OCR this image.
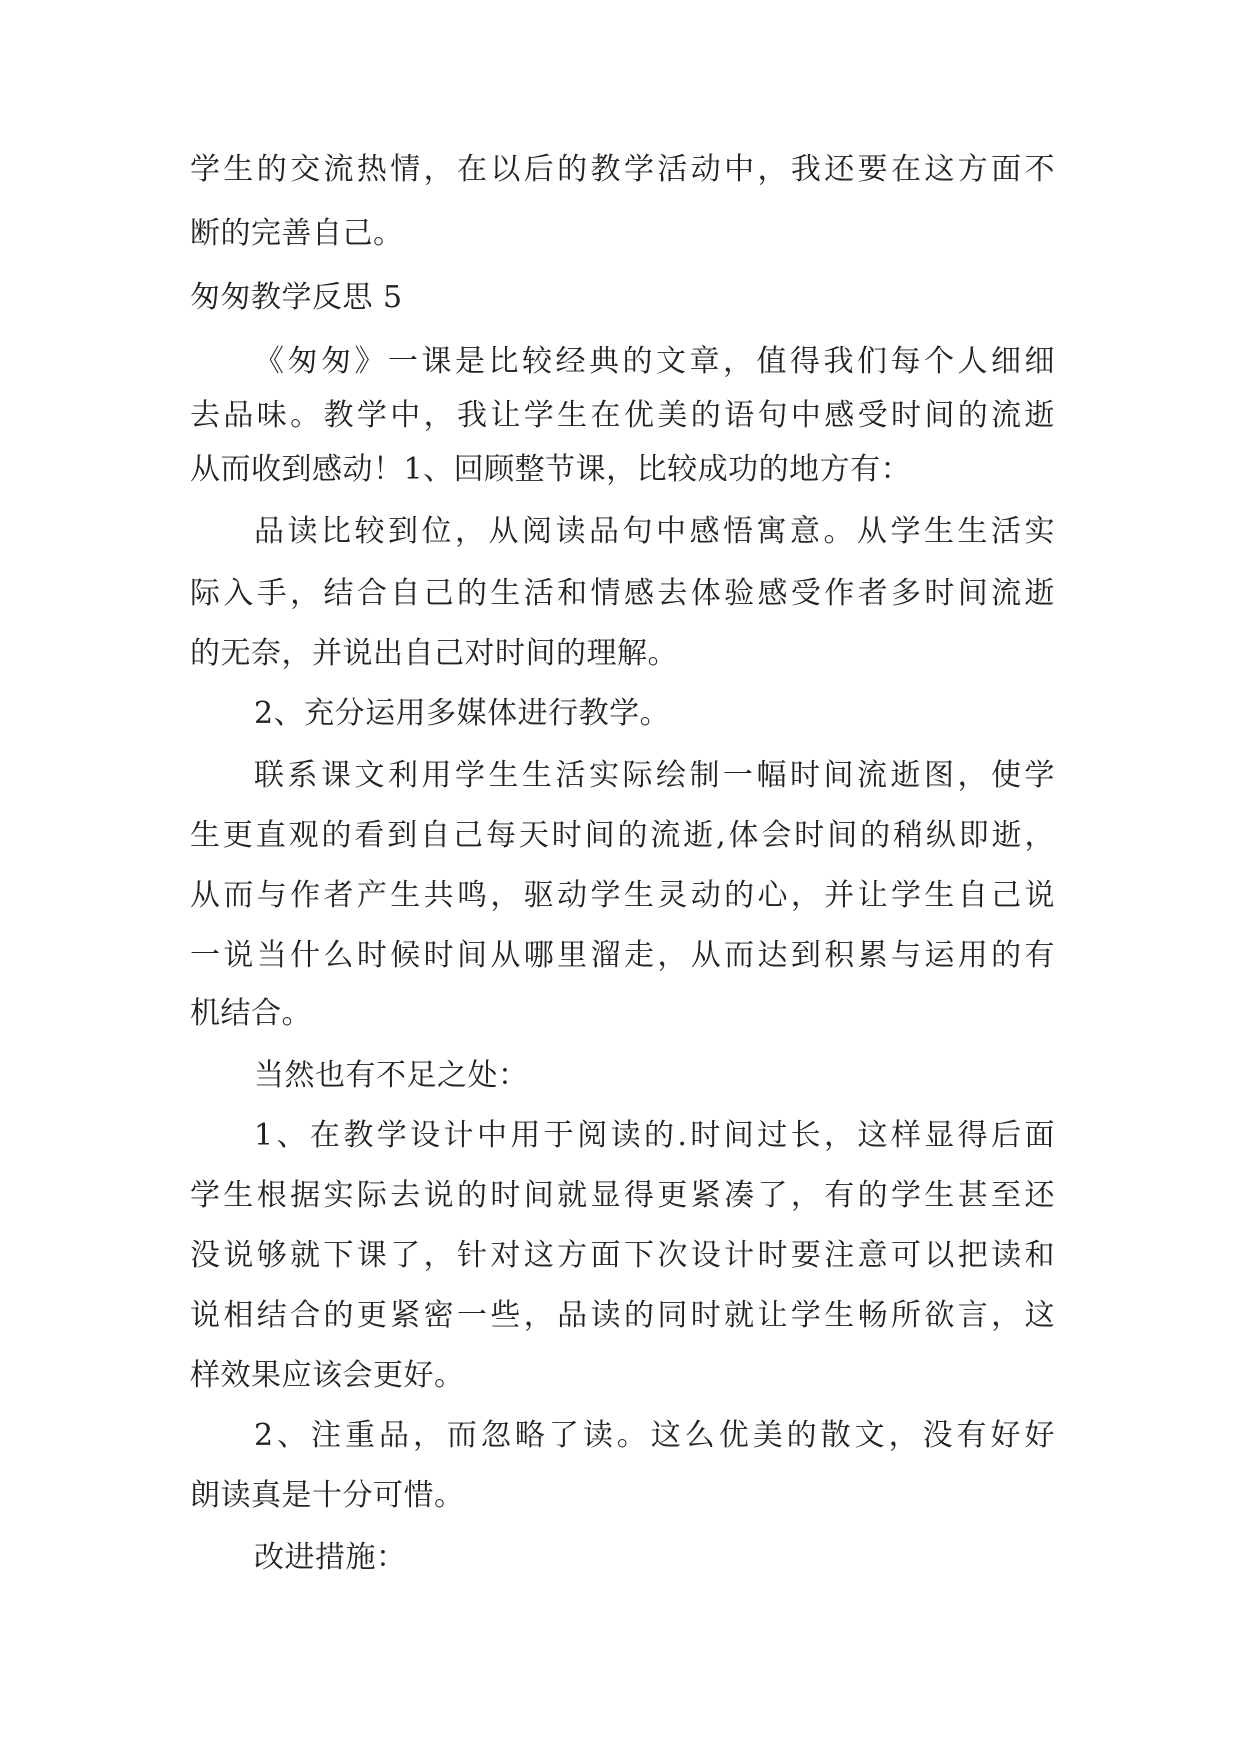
学生的交流热情，在以后的教学活动中，我还要在这方面不
断的完善自己。
匆匆教学反思 5
《匆匆》一课是比较经典的文章，值得我们每个人细细
去品味。教学中，我让学生在优美的语句中感受时间的流逝
从而收到感动！1、回顾整节课，比较成功的地方有：
品读比较到位，从阅读品句中感悟寓意。从学生生活实
际入手，结合自己的生活和情感去体验感受作者多时间流逝
的无奈，并说出自己对时间的理解。
2、充分运用多媒体进行教学。
联系课文利用学生生活实际绘制一幅时间流逝图，使学
生更直观的看到自己每天时间的流逝,体会时间的稍纵即逝，
从而与作者产生共鸣，驱动学生灵动的心，并让学生自己说
一说当什么时候时间从哪里溜走，从而达到积累与运用的有
机结合。
当然也有不足之处：
1、在教学设计中用于阅读的.时间过长，这样显得后面
学生根据实际去说的时间就显得更紧凑了，有的学生甚至还
没说够就下课了，针对这方面下次设计时要注意可以把读和
说相结合的更紧密一些，品读的同时就让学生畅所欲言，这
样效果应该会更好。
2、注重品，而忽略了读。这么优美的散文，没有好好
朗读真是十分可惜。
改进措施：
